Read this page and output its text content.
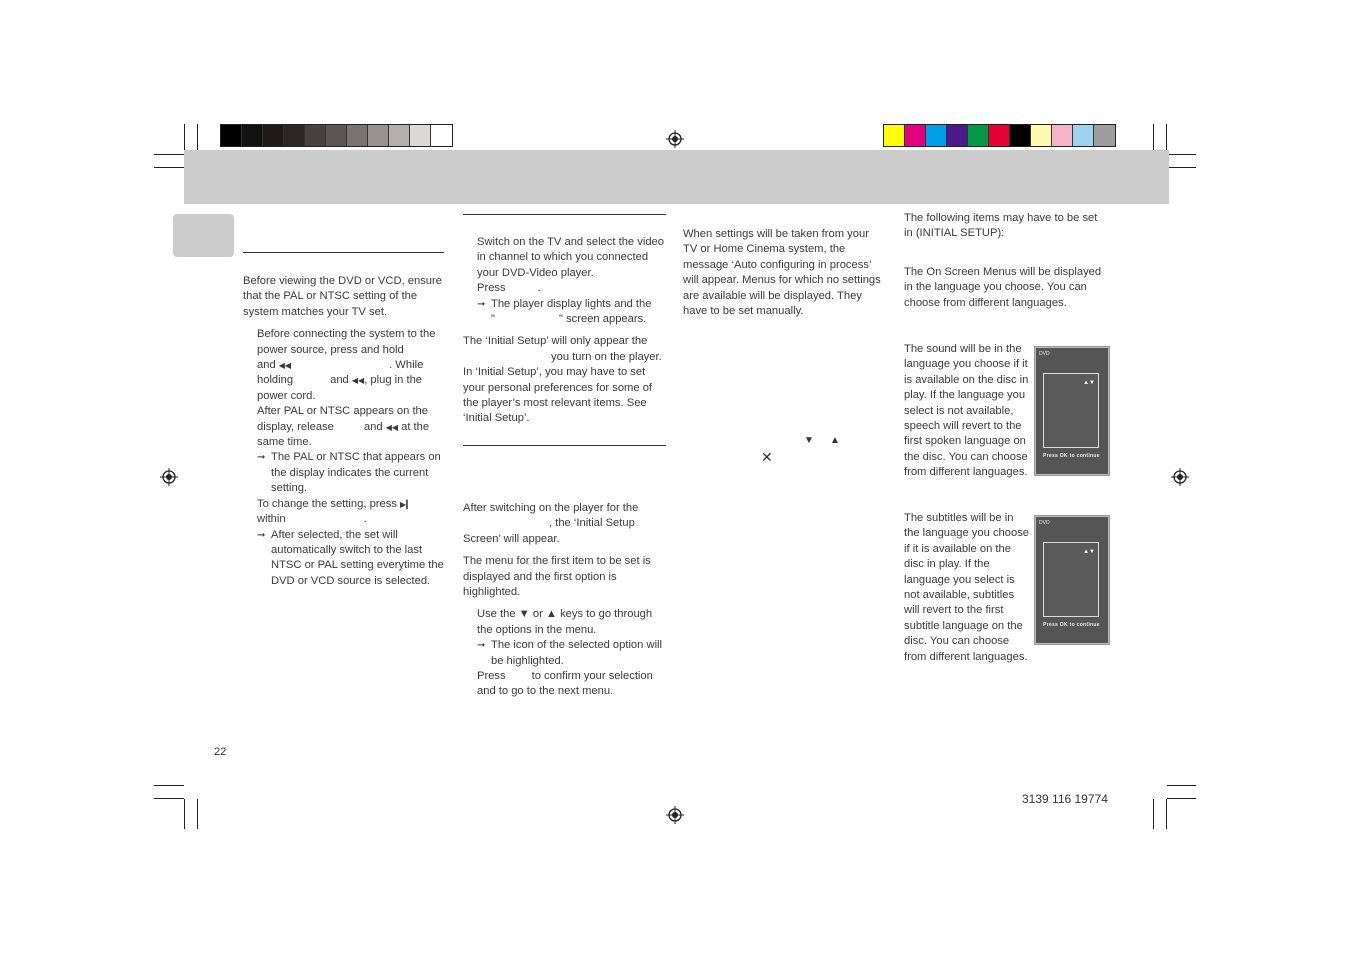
Before viewing the DVD or VCD, ensure that the PAL or NTSC setting of the system matches your TV set.

Before connecting the system to the power source, press and hold
and ◀◀	. While
holding	and ◀◀, plug in the power cord.

After PAL or NTSC appears on the display, release	and ◀◀ at the same time.

➞ The PAL or NTSC that appears on the display indicates the current setting.

To change the setting, press ▶▎
within	.

➞ After selected, the set will automatically switch to the last NTSC or PAL setting everytime the DVD or VCD source is selected.

Switch on the TV and select the video in channel to which you connected your DVD-Video player.
Press	.

➞ The player display lights and the
"	" screen appears.

The ‘Initial Setup’ will only appear the
you turn on the player.

In ‘Initial Setup’, you may have to set your personal preferences for some of the player’s most relevant items. See ‘Initial Setup’.

After switching on the player for the
, the ‘Initial Setup
Screen’ will appear.

The menu for the first item to be set is displayed and the first option is highlighted.

Use the ▼ or ▲ keys to go through the options in the menu.

➞ The icon of the selected option will be highlighted.

Press to confirm your selection
and to go to the next menu.

When settings will be taken from your TV or Home Cinema system, the message ‘Auto configuring in process’ will appear. Menus for which no settings are available will be displayed. They have to be set manually.

▼ ▲
✕
The following items may have to be set in (INITIAL SETUP):
The On Screen Menus will be displayed in the language you choose. You can choose from different languages.
The sound will be in the language you choose if it is available on the disc in play. If the language you select is not available, speech will revert to the first spoken language on the disc. You can choose from different languages.
The subtitles will be in the language you choose if it is available on the disc in play. If the language you select is not available, subtitles will revert to the first subtitle language on the disc. You can choose from different languages.
DVD
▲▼
Press OK to continue
DVD
▲▼
Press OK to continue
22
3139 116 19774
